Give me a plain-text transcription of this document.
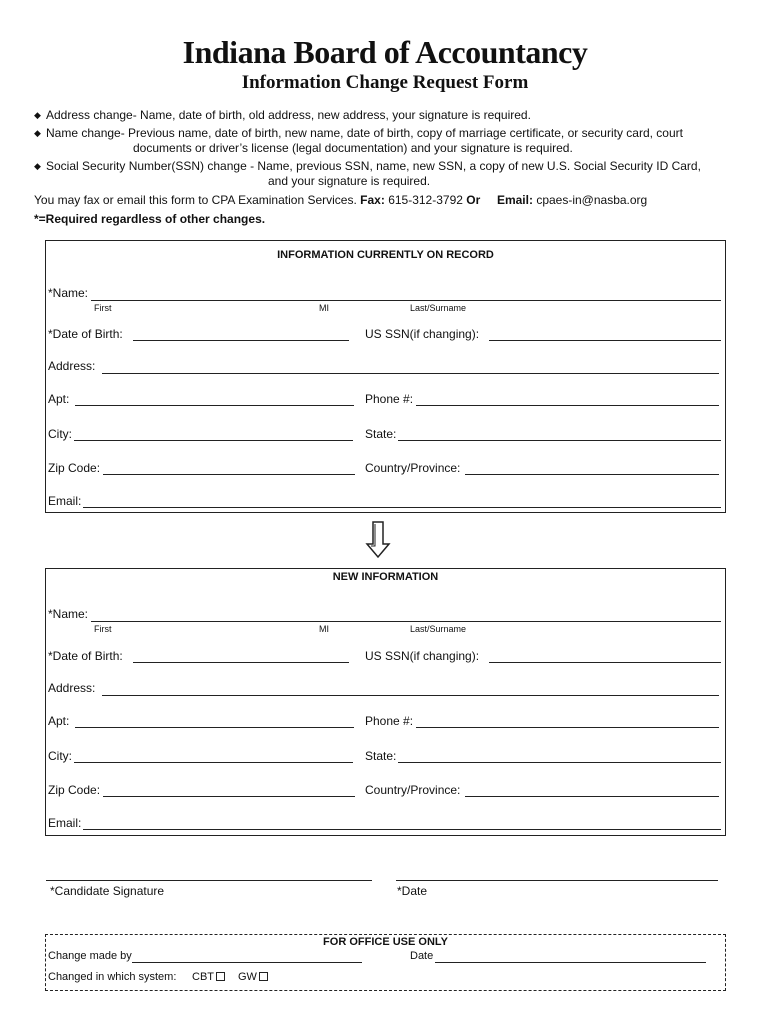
Indiana Board of Accountancy
Information Change Request Form
◆ Address change- Name, date of birth, old address, new address, your signature is required.
◆ Name change- Previous name, date of birth, new name, date of birth, copy of marriage certificate, or security card, court
documents or driver’s license (legal documentation) and your signature is required.
◆ Social Security Number(SSN) change - Name, previous SSN, name, new SSN, a copy of new U.S. Social Security ID Card,
and your signature is required.
You may fax or email this form to CPA Examination Services. Fax: 615-312-3792 Or Email: cpaes-in@nasba.org
*=Required regardless of other changes.
INFORMATION CURRENTLY ON RECORD
*Name:
First	MI	Last/Surname
*Date of Birth:	US SSN(if changing):
Address:
Apt:	Phone #:
City:	State:
Zip Code:	Country/Province:
Email:
NEW INFORMATION
*Name:
First	MI	Last/Surname
*Date of Birth:	US SSN(if changing):
Address:
Apt:	Phone #:
City:	State:
Zip Code:	Country/Province:
Email:
*Candidate Signature	*Date
FOR OFFICE USE ONLY
Change made by	Date
Changed in which system: CBT	GW
